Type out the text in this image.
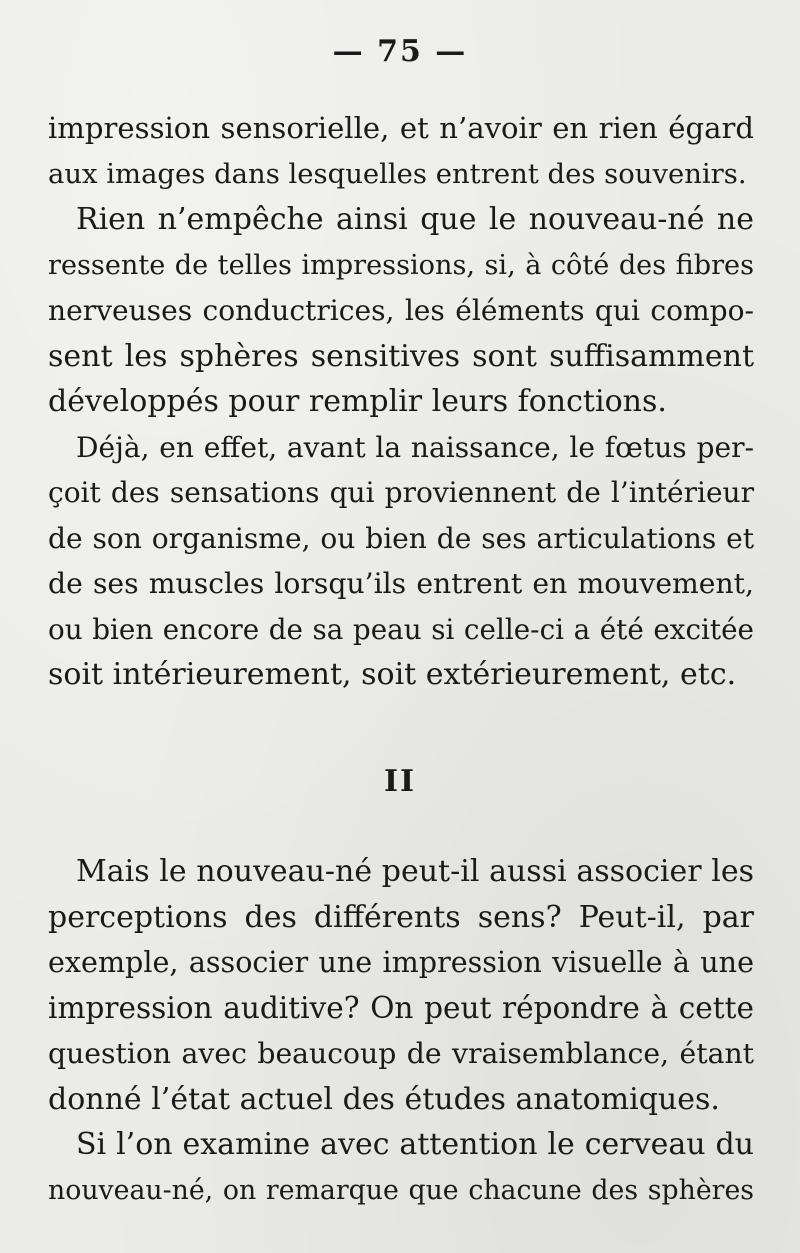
— 75 —
impression sensorielle, et n’avoir en rien égard
aux images dans lesquelles entrent des souvenirs.
Rien n’empêche ainsi que le nouveau-né ne
ressente de telles impressions, si, à côté des fibres
nerveuses conductrices, les éléments qui compo-
sent les sphères sensitives sont suffisamment
développés pour remplir leurs fonctions.
Déjà, en effet, avant la naissance, le fœtus per-
çoit des sensations qui proviennent de l’intérieur
de son organisme, ou bien de ses articulations et
de ses muscles lorsqu’ils entrent en mouvement,
ou bien encore de sa peau si celle-ci a été excitée
soit intérieurement, soit extérieurement, etc.
II
Mais le nouveau-né peut-il aussi associer les
perceptions des différents sens? Peut-il, par
exemple, associer une impression visuelle à une
impression auditive? On peut répondre à cette
question avec beaucoup de vraisemblance, étant
donné l’état actuel des études anatomiques.
Si l’on examine avec attention le cerveau du
nouveau-né, on remarque que chacune des sphères
